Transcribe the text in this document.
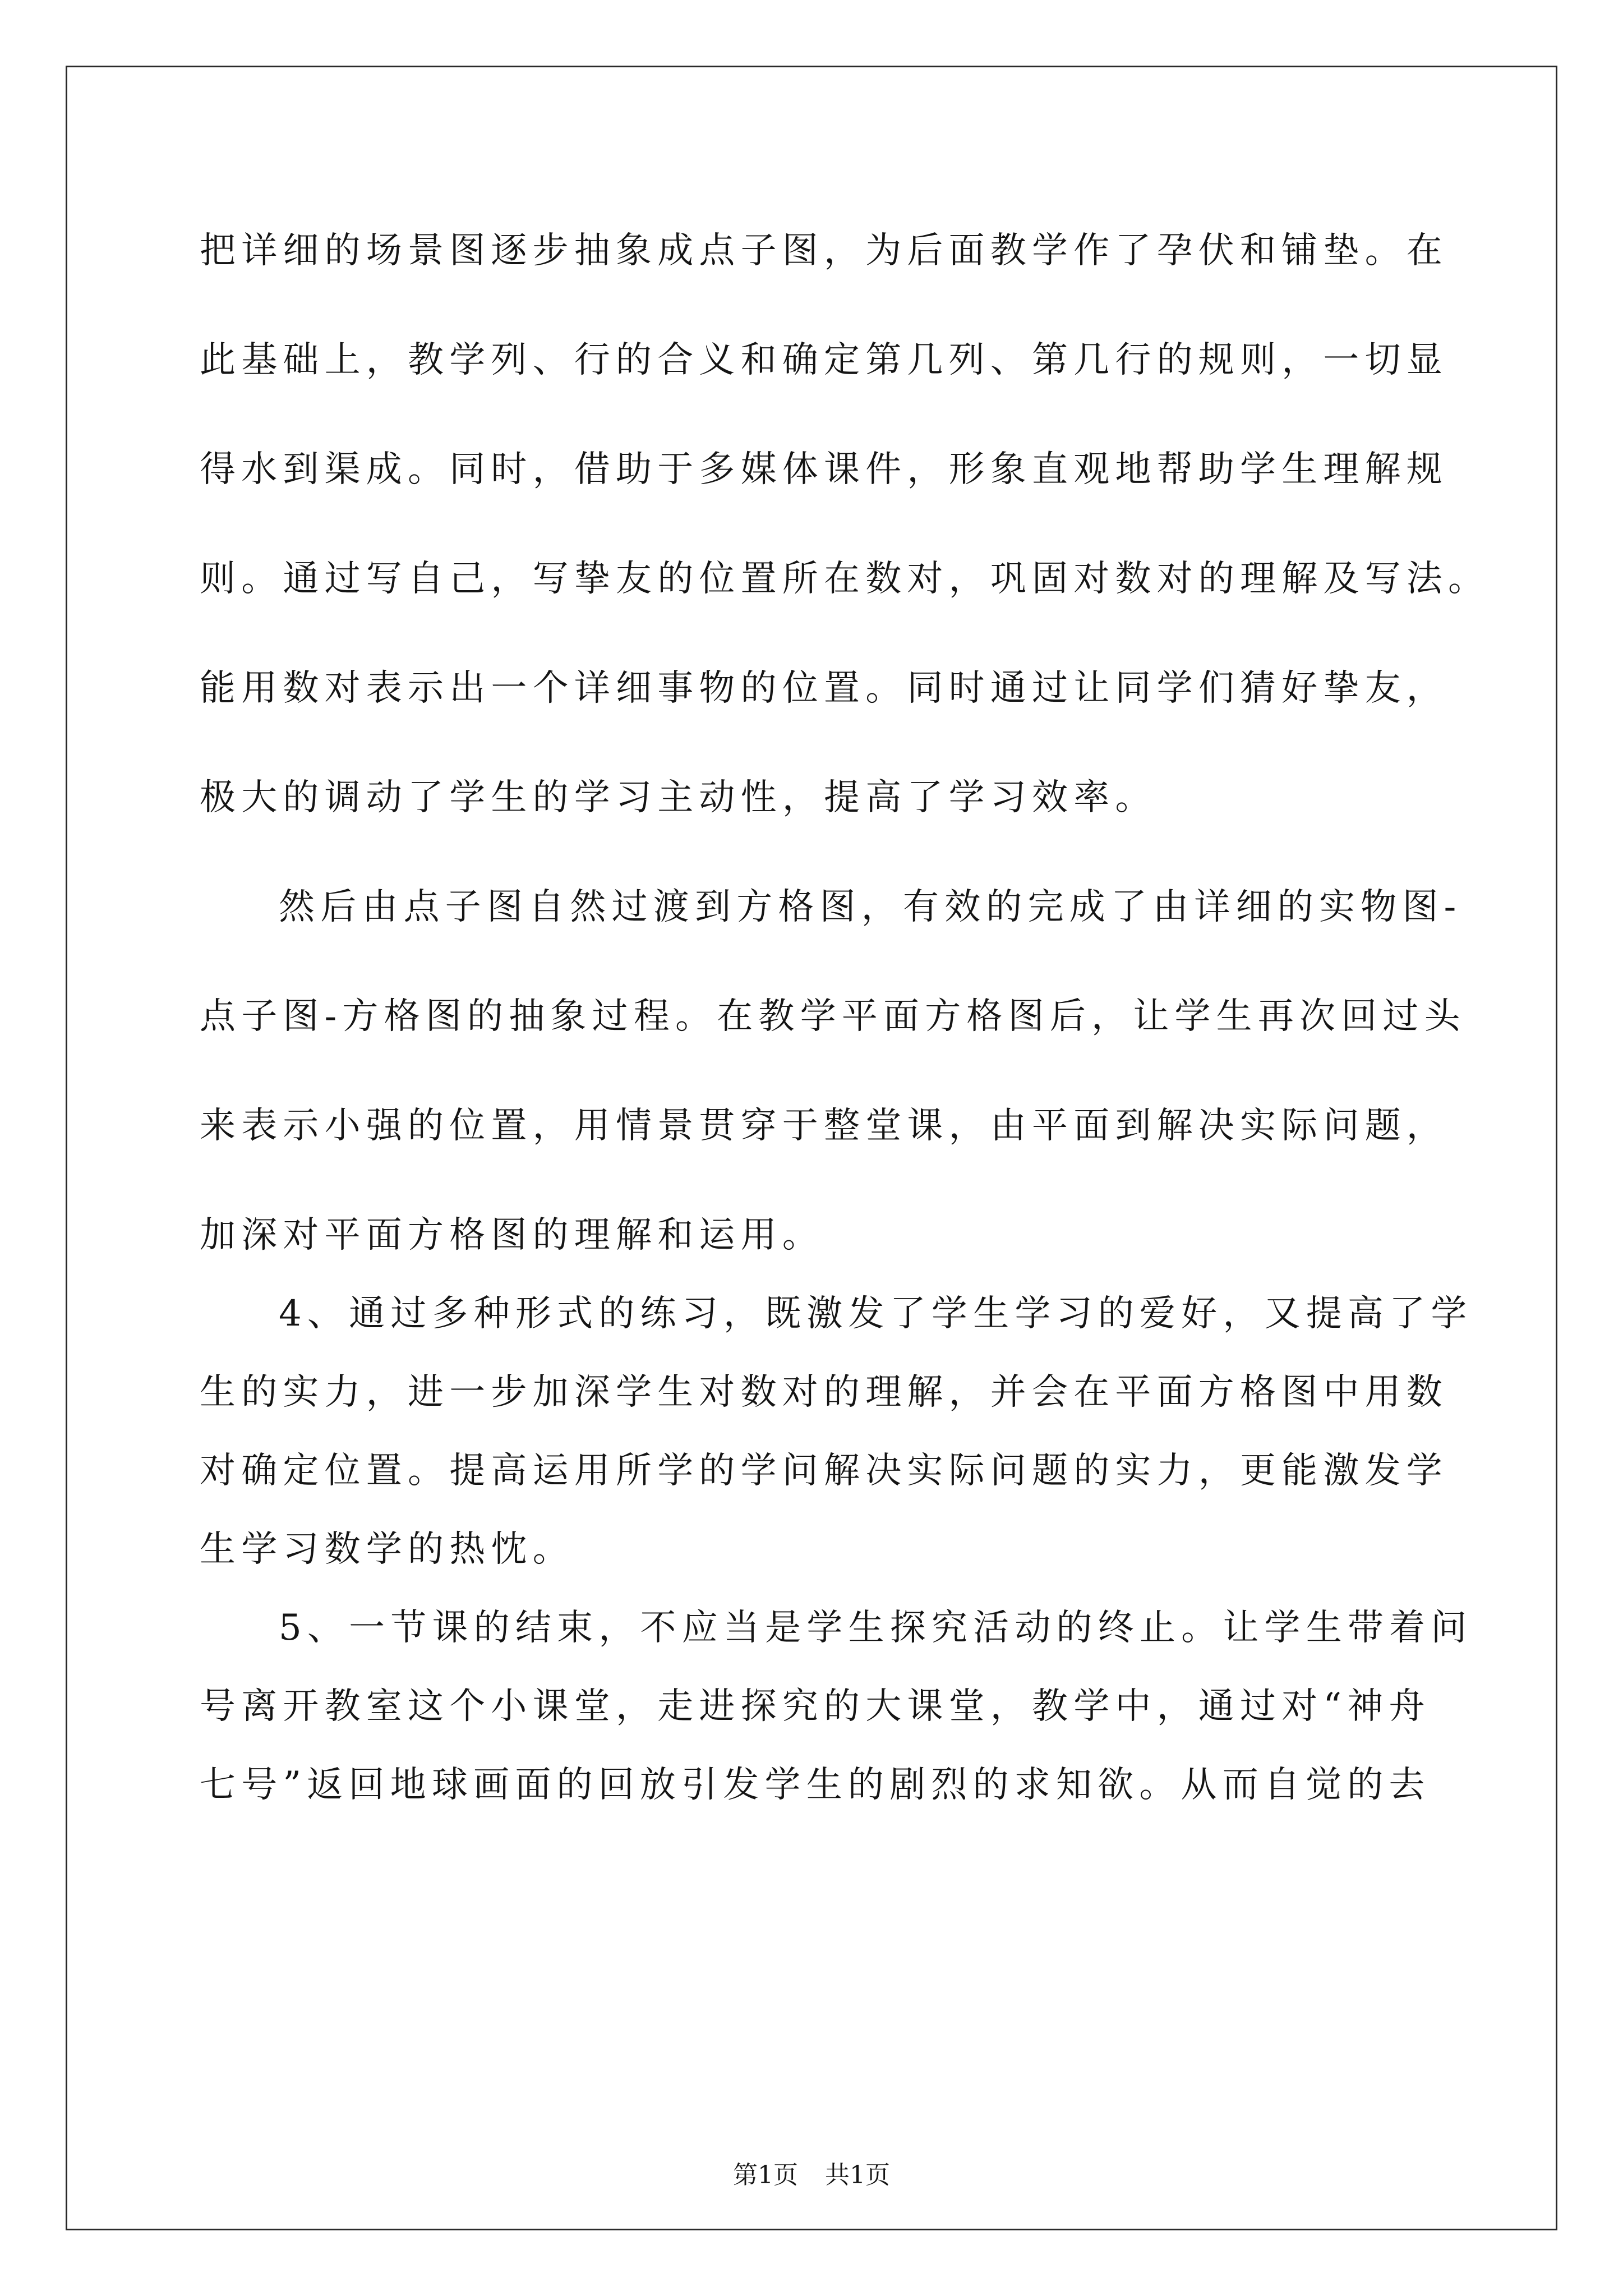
把详细的场景图逐步抽象成点子图，为后面教学作了孕伏和铺垫。在

此基础上，教学列、行的合义和确定第几列、第几行的规则，一切显

得水到渠成。同时，借助于多媒体课件，形象直观地帮助学生理解规

则。通过写自己，写挚友的位置所在数对，巩固对数对的理解及写法。

能用数对表示出一个详细事物的位置。同时通过让同学们猜好挚友，

极大的调动了学生的学习主动性，提高了学习效率。

然后由点子图自然过渡到方格图，有效的完成了由详细的实物图-

点子图-方格图的抽象过程。在教学平面方格图后，让学生再次回过头

来表示小强的位置，用情景贯穿于整堂课，由平面到解决实际问题，

加深对平面方格图的理解和运用。

4、通过多种形式的练习，既激发了学生学习的爱好，又提高了学

生的实力，进一步加深学生对数对的理解，并会在平面方格图中用数

对确定位置。提高运用所学的学问解决实际问题的实力，更能激发学

生学习数学的热忱。

5、一节课的结束，不应当是学生探究活动的终止。让学生带着问

号离开教室这个小课堂，走进探究的大课堂，教学中，通过对“神舟

七号”返回地球画面的回放引发学生的剧烈的求知欲。从而自觉的去

第1页 共1页
